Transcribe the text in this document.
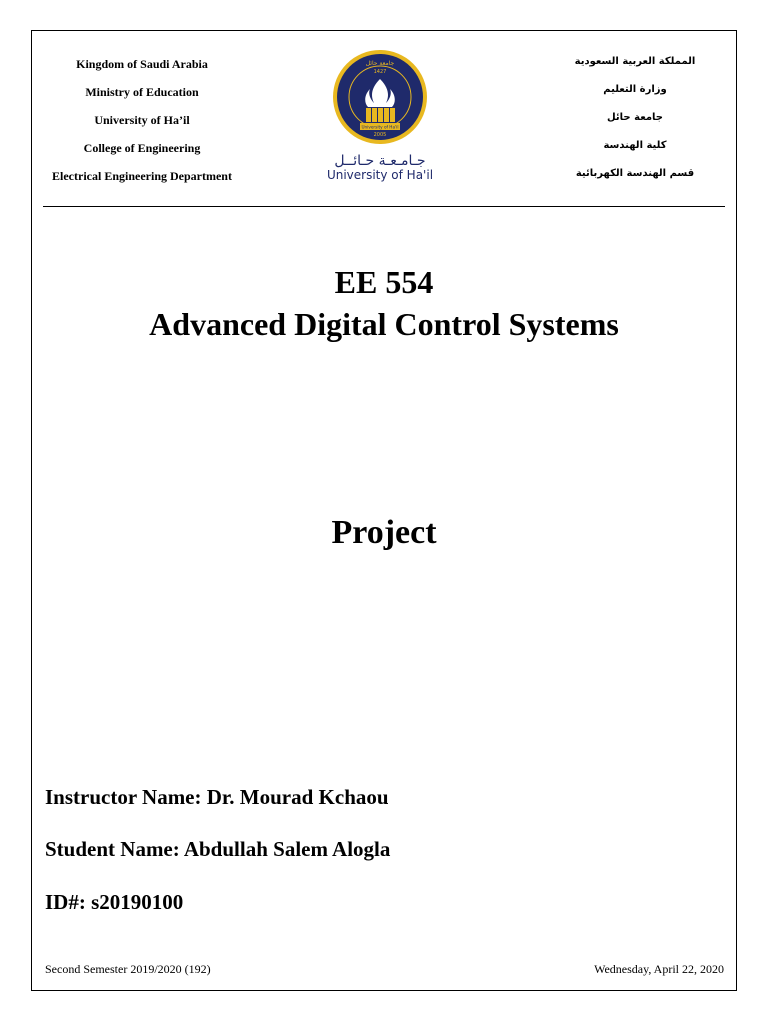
Kingdom of Saudi Arabia
Ministry of Education
University of Ha’il
College of Engineering
Electrical Engineering Department
جامعة حائل
1427
University of Ha'il
2005
جـامـعـة حـائــل
University of Ha'il
المملكة العربية السعودية
وزارة التعليم
جامعة حائل
كلية الهندسة
قسم الهندسة الكهربائية
EE 554
Advanced Digital Control Systems
Project
Instructor Name: Dr. Mourad Kchaou
Student Name: Abdullah Salem Alogla
ID#: s20190100
Second Semester 2019/2020 (192)	Wednesday, April 22, 2020
